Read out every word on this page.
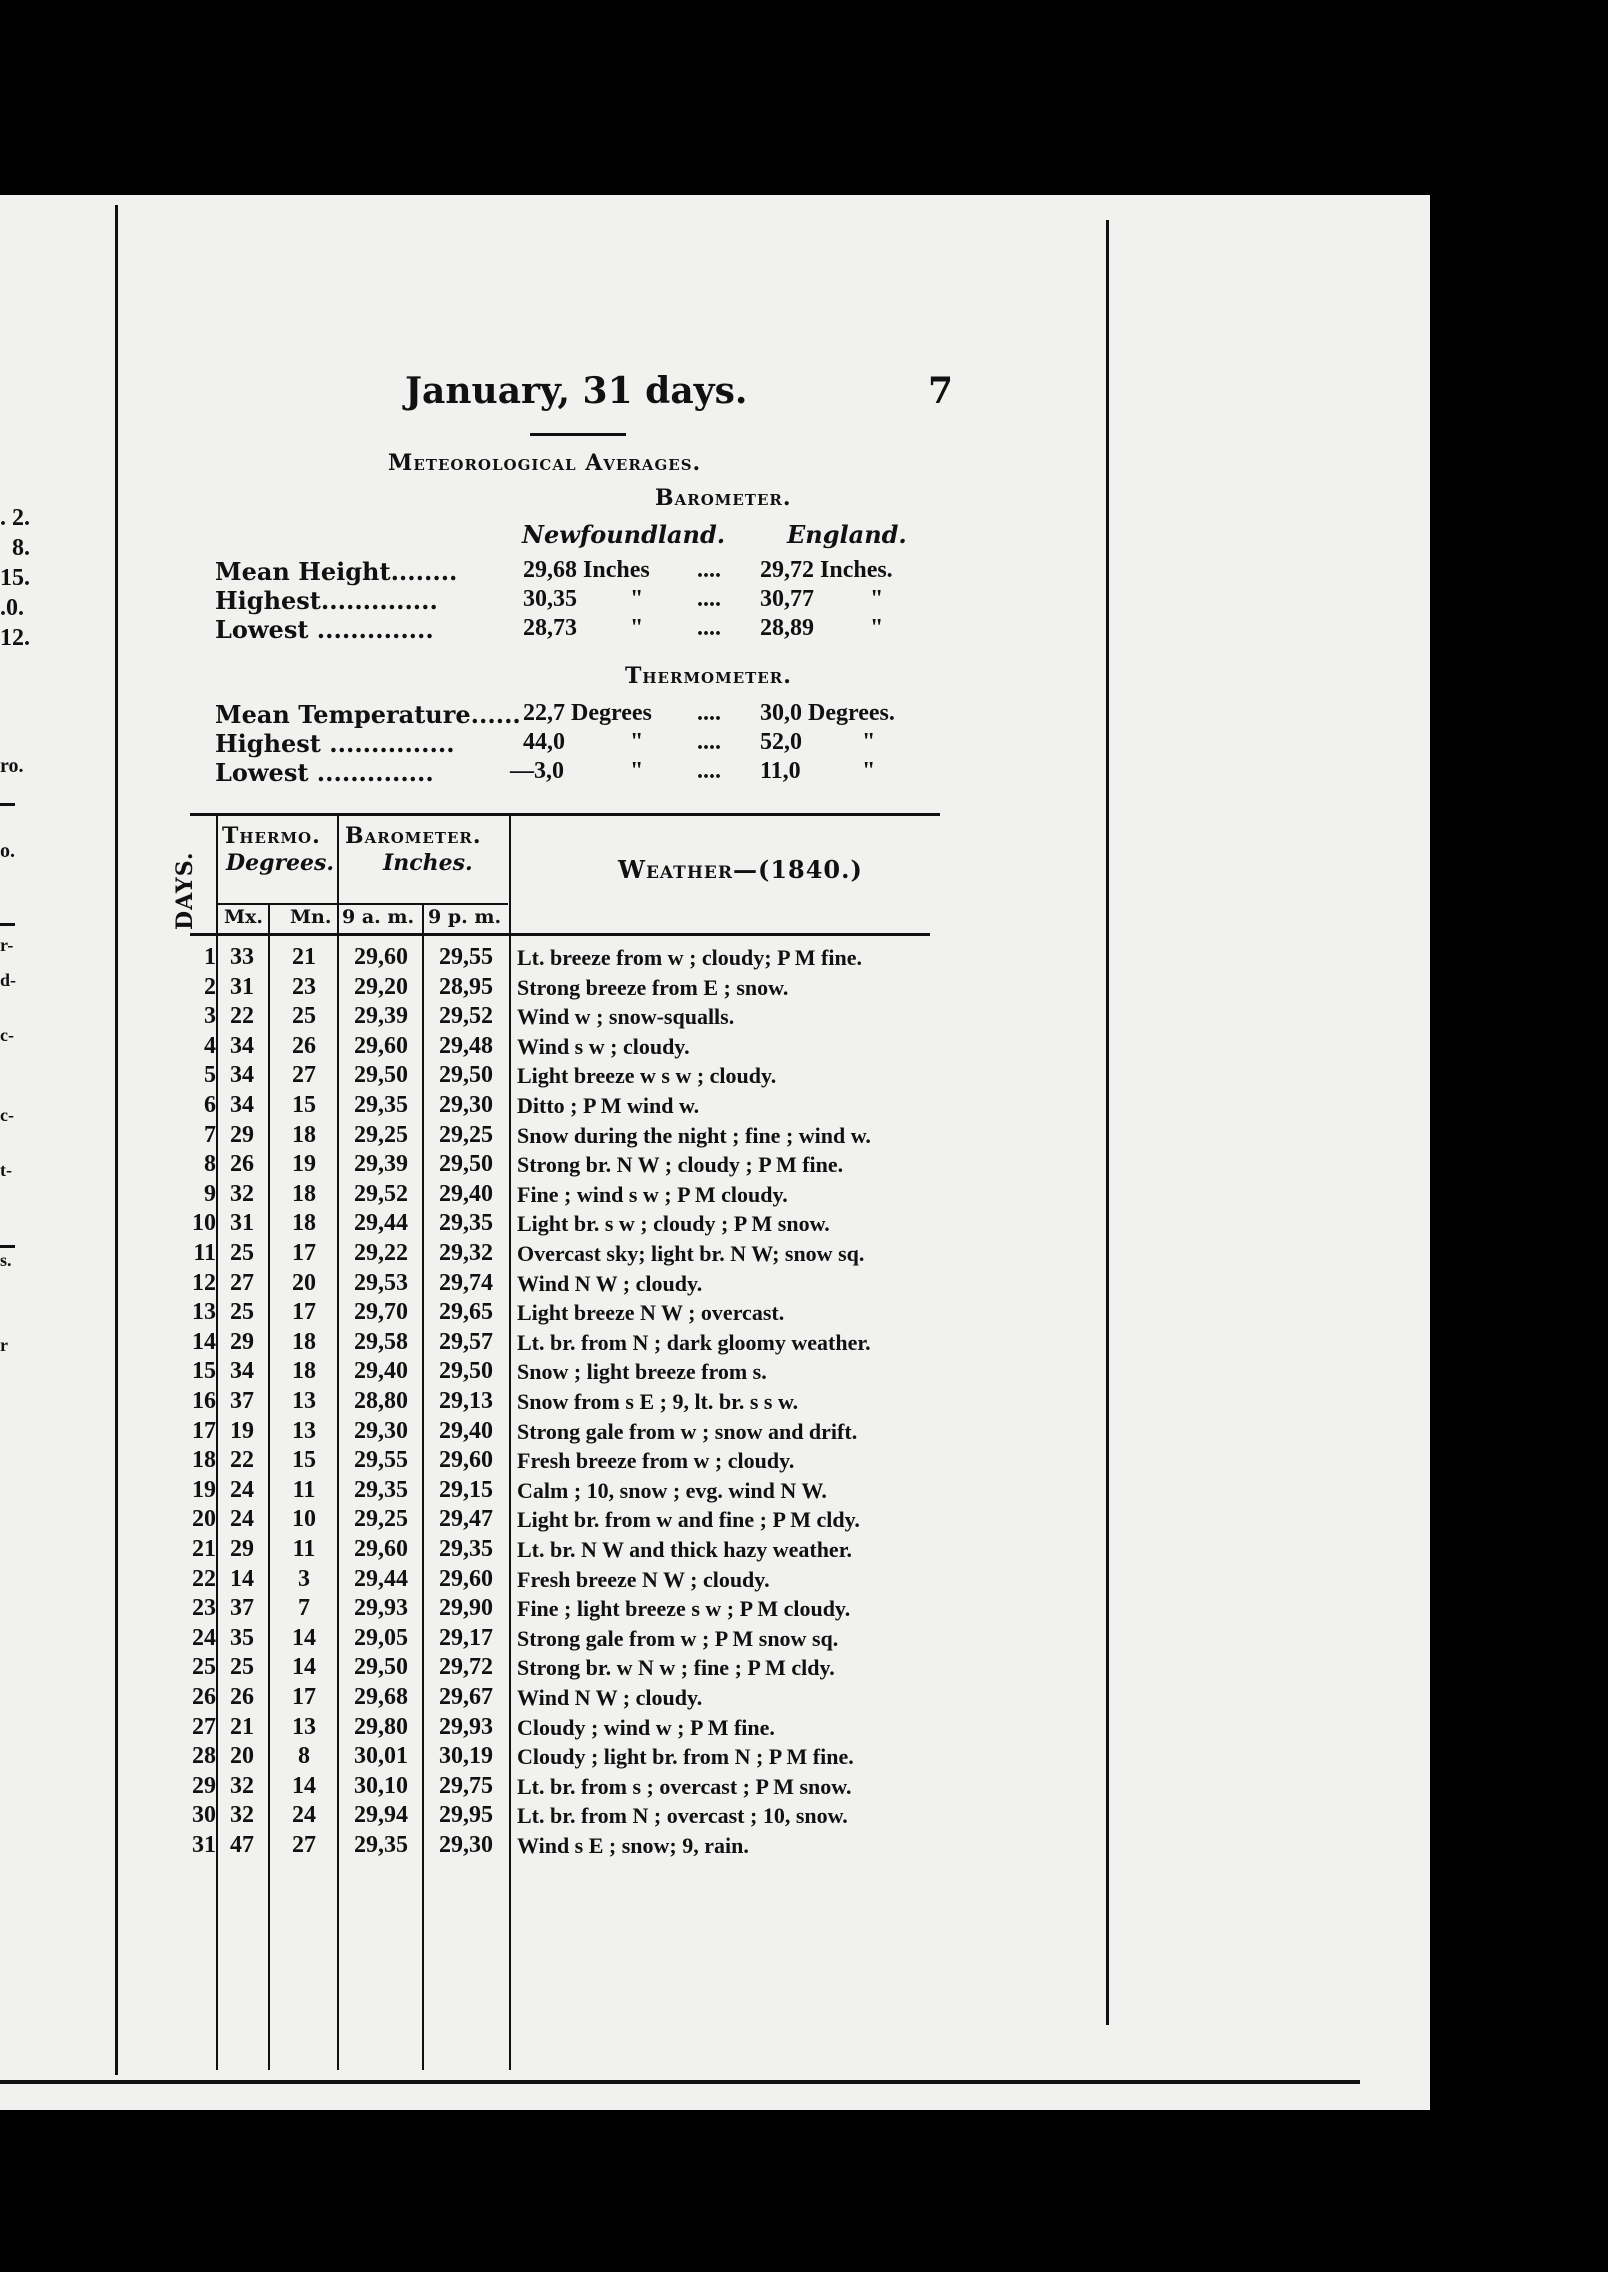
. 2.
8.
15.
.0.
12.
ro.
o.
r-
d-
c-
c-
t-
s.
r
January, 31 days.	7
Meteorological Averages.
Barometer.
Newfoundland.	England.
Mean Height........	29,68 Inches .... 29,72 Inches.
Highest..............	30,35 " .... 30,77 "
Lowest ..............	28,73 " .... 28,89 "
Thermometer.
Mean Temperature...... 22,7 Degrees .... 30,0 Degrees.
Highest ...............	44,0	" .... 52,0	"
Lowest ..............	—3,0	" .... 11,0	"
DAYS.
Thermo.
Degrees.
Barometer.
Inches.	Weather—(1840.)
Mx. Mn. 9 a. m. 9 p. m.
1 33	21	29,60	29,55	Lt. breeze from w ; cloudy; P M fine.
2 31	23	29,20	28,95	Strong breeze from E ; snow.
3 22	25	29,39	29,52	Wind w ; snow-squalls.
4 34	26	29,60	29,48	Wind s w ; cloudy.
5 34	27	29,50	29,50	Light breeze w s w ; cloudy.
6 34	15	29,35	29,30	Ditto ; P M wind w.
7 29	18	29,25	29,25	Snow during the night ; fine ; wind w.
8 26	19	29,39	29,50	Strong br. N W ; cloudy ; P M fine.
9 32	18	29,52	29,40	Fine ; wind s w ; P M cloudy.
10 31	18	29,44	29,35	Light br. s w ; cloudy ; P M snow.
11 25	17	29,22	29,32	Overcast sky; light br. N W; snow sq.
12 27	20	29,53	29,74	Wind N W ; cloudy.
13 25	17	29,70	29,65	Light breeze N W ; overcast.
14 29	18	29,58	29,57	Lt. br. from N ; dark gloomy weather.
15 34	18	29,40	29,50	Snow ; light breeze from s.
16 37	13	28,80	29,13	Snow from s E ; 9, lt. br. s s w.
17 19	13	29,30	29,40	Strong gale from w ; snow and drift.
18 22	15	29,55	29,60	Fresh breeze from w ; cloudy.
19 24	11	29,35	29,15	Calm ; 10, snow ; evg. wind N W.
20 24	10	29,25	29,47	Light br. from w and fine ; P M cldy.
21 29	11	29,60	29,35	Lt. br. N W and thick hazy weather.
22 14	3	29,44	29,60	Fresh breeze N W ; cloudy.
23 37	7	29,93	29,90	Fine ; light breeze s w ; P M cloudy.
24 35	14	29,05	29,17	Strong gale from w ; P M snow sq.
25 25	14	29,50	29,72	Strong br. w N w ; fine ; P M cldy.
26 26	17	29,68	29,67	Wind N W ; cloudy.
27 21	13	29,80	29,93	Cloudy ; wind w ; P M fine.
28 20	8	30,01	30,19	Cloudy ; light br. from N ; P M fine.
29 32	14	30,10	29,75	Lt. br. from s ; overcast ; P M snow.
30 32	24	29,94	29,95	Lt. br. from N ; overcast ; 10, snow.
31 47	27	29,35	29,30	Wind s E ; snow; 9, rain.
